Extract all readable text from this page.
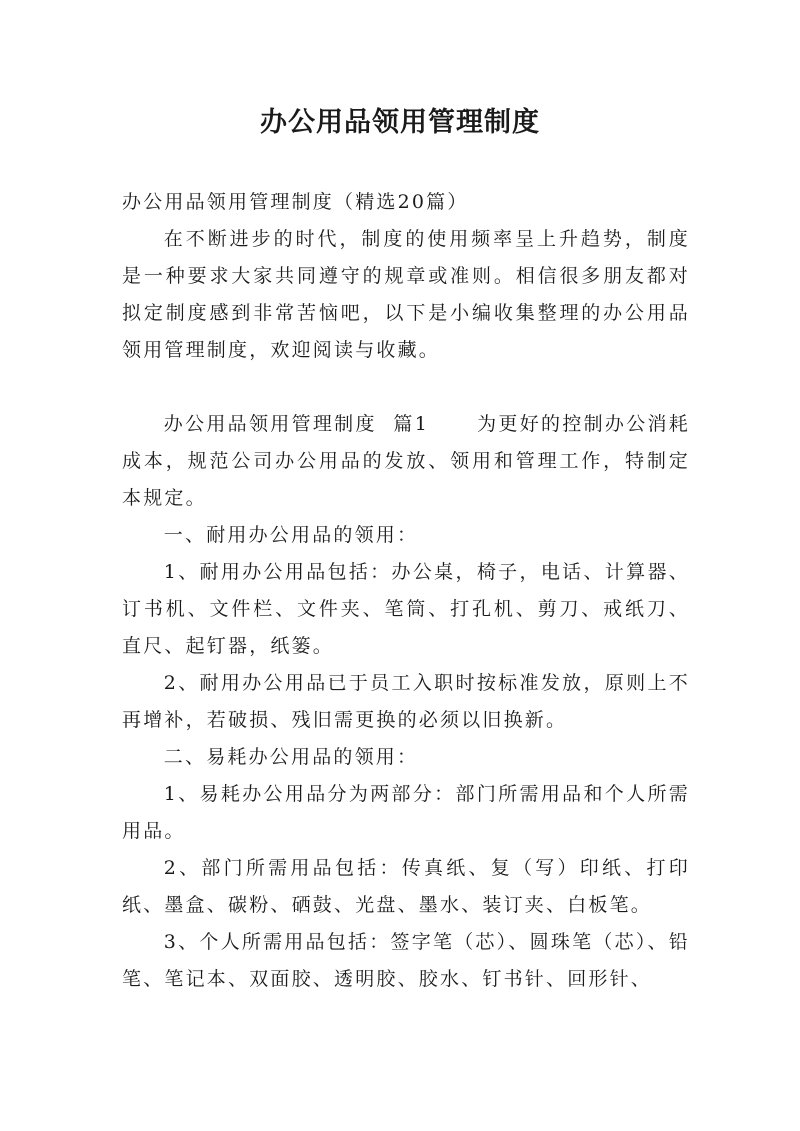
办公用品领用管理制度

办公用品领用管理制度（精选20篇）

在不断进步的时代，制度的使用频率呈上升趋势，制度是一种要求大家共同遵守的规章或准则。相信很多朋友都对拟定制度感到非常苦恼吧，以下是小编收集整理的办公用品领用管理制度，欢迎阅读与收藏。

办公用品领用管理制度  篇1	为更好的控制办公消耗成本，规范公司办公用品的发放、领用和管理工作，特制定本规定。

一、耐用办公用品的领用：

1、耐用办公用品包括：办公桌，椅子，电话、计算器、订书机、文件栏、文件夹、笔筒、打孔机、剪刀、戒纸刀、直尺、起钉器，纸篓。

2、耐用办公用品已于员工入职时按标准发放，原则上不再增补，若破损、残旧需更换的必须以旧换新。

二、易耗办公用品的领用：

1、易耗办公用品分为两部分：部门所需用品和个人所需用品。

2、部门所需用品包括：传真纸、复（写）印纸、打印纸、墨盒、碳粉、硒鼓、光盘、墨水、装订夹、白板笔。

3、个人所需用品包括：签字笔（芯）、圆珠笔（芯）、铅笔、笔记本、双面胶、透明胶、胶水、钉书针、回形针、
